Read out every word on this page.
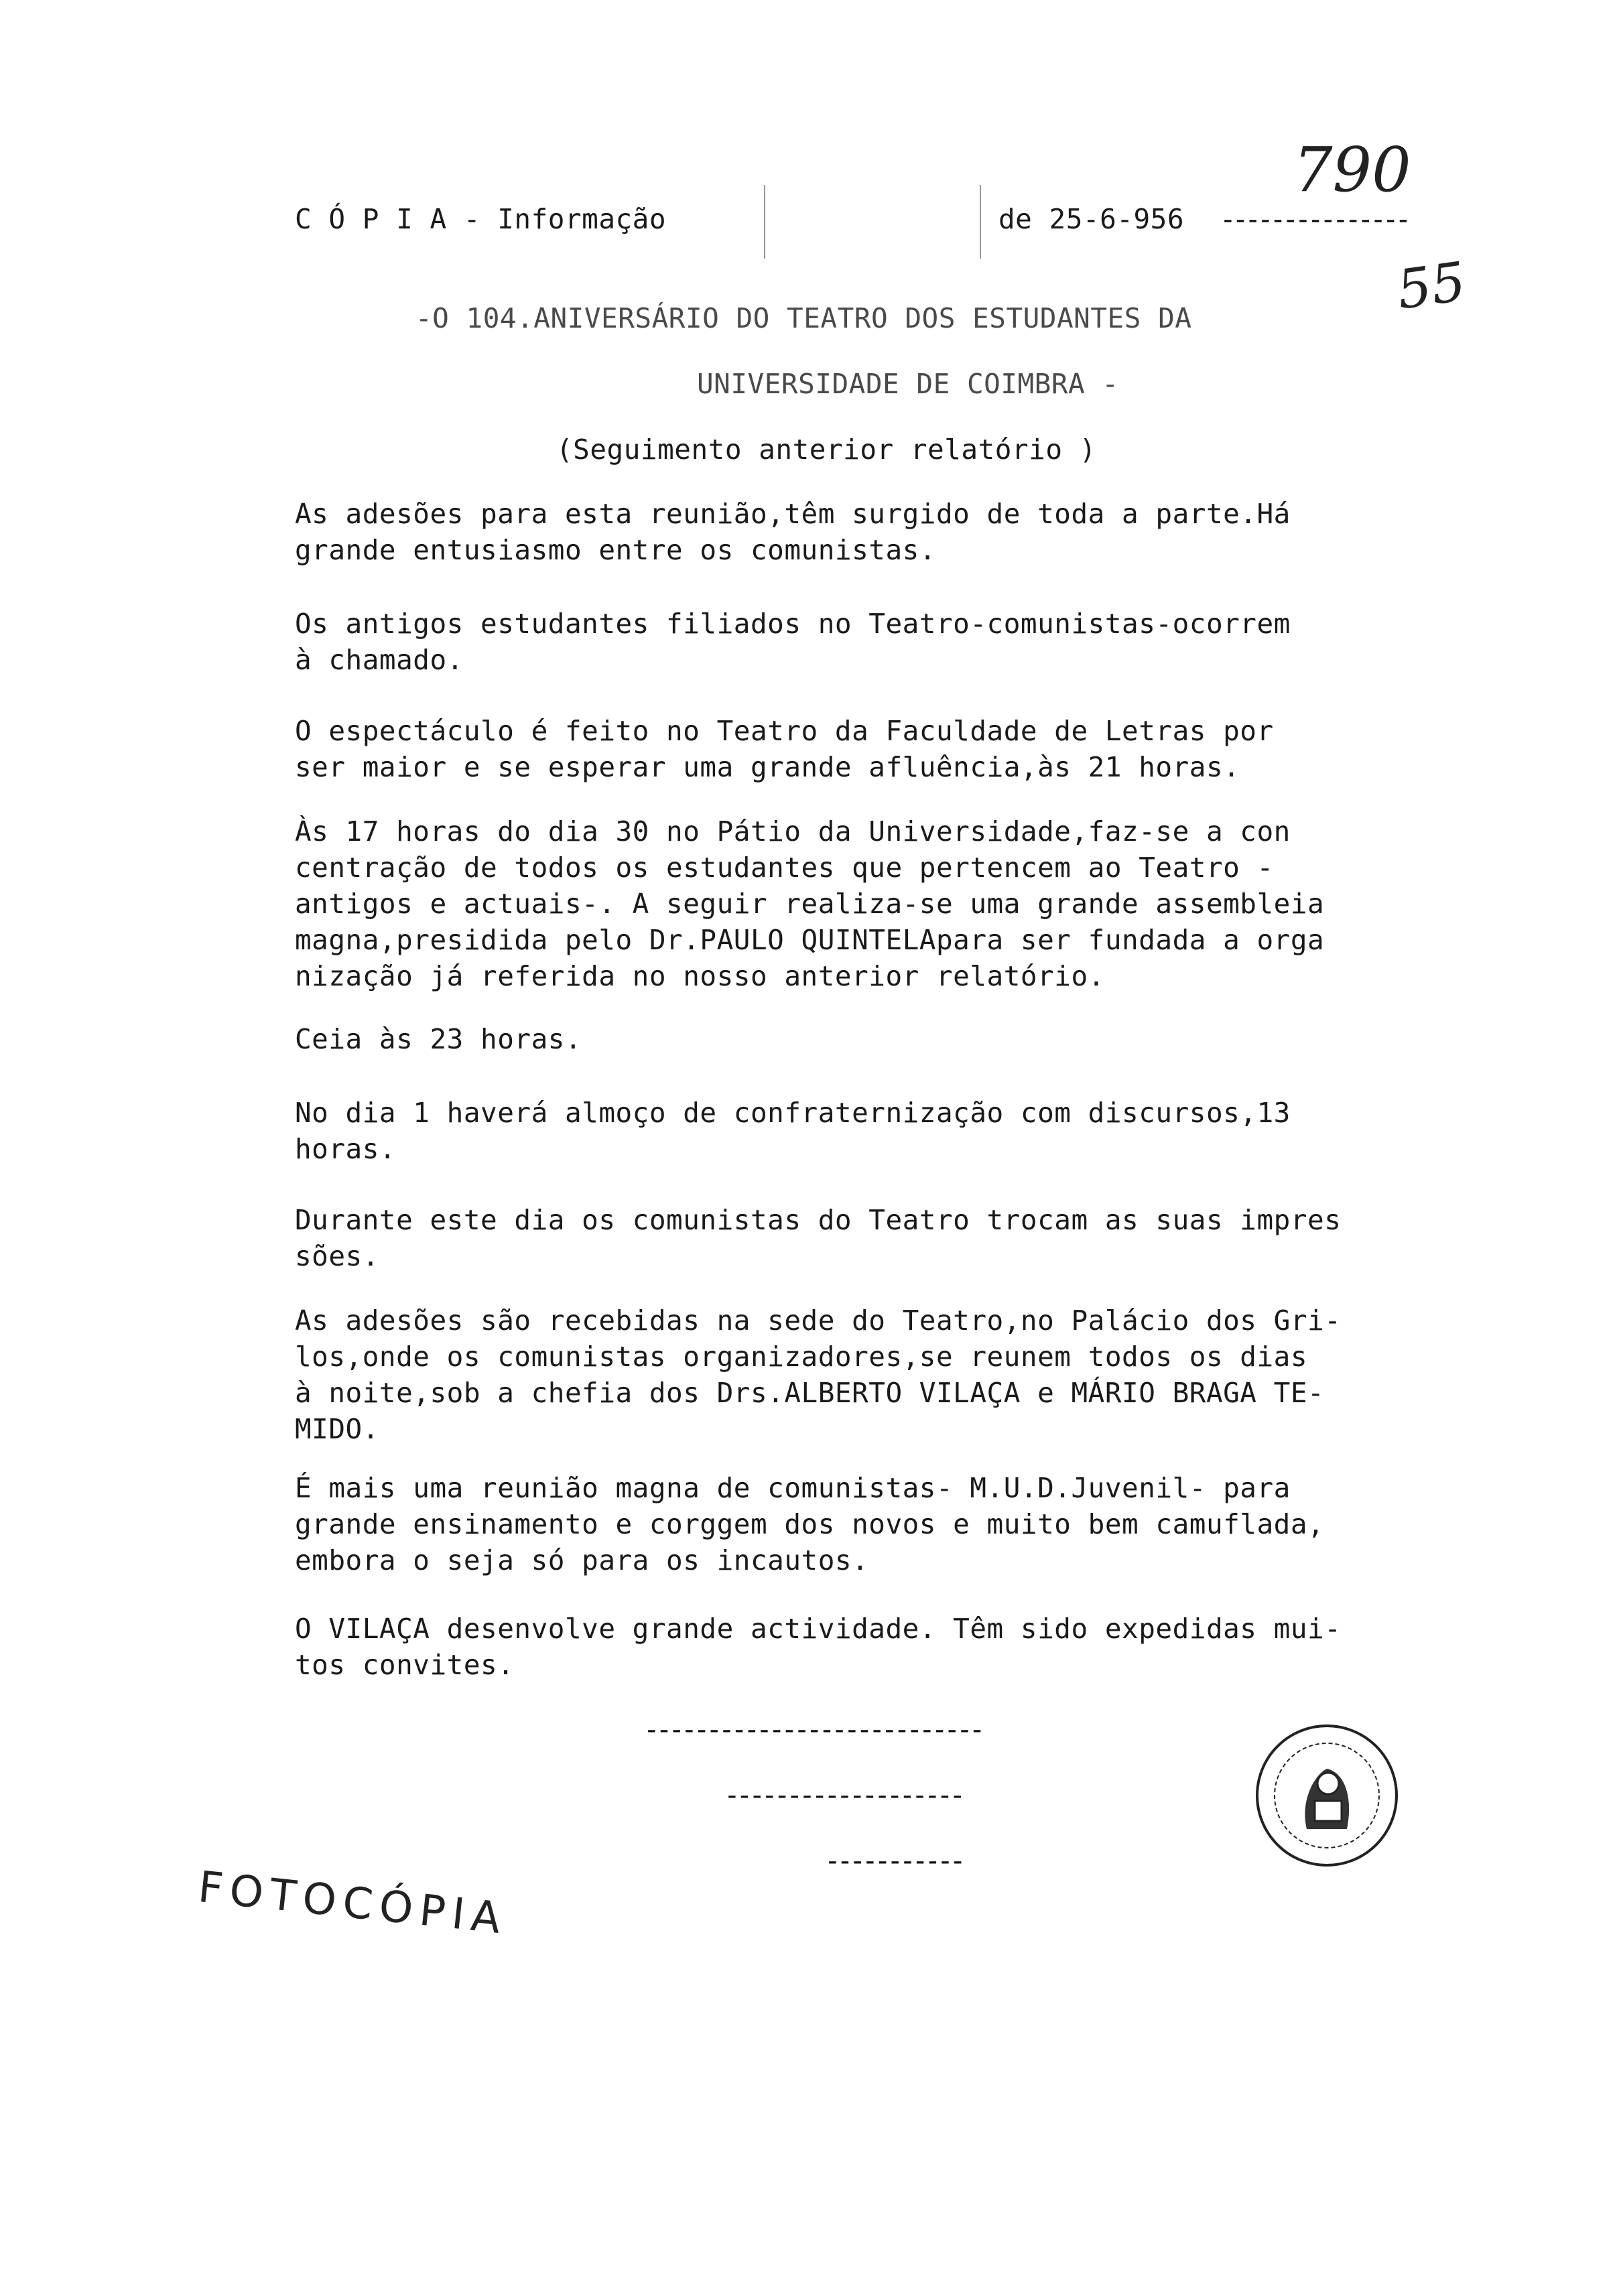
C Ó P I A - Informação	de 25-6-956 ---------------
790
55
-O 104.ANIVERSÁRIO DO TEATRO DOS ESTUDANTES DA
UNIVERSIDADE DE COIMBRA -
(Seguimento anterior relatório )
As adesões para esta reunião,têm surgido de toda a parte.Há
grande entusiasmo entre os comunistas.
Os antigos estudantes filiados no Teatro-comunistas-ocorrem
à chamado.
O espectáculo é feito no Teatro da Faculdade de Letras por
ser maior e se esperar uma grande afluência,às 21 horas.
Às 17 horas do dia 30 no Pátio da Universidade,faz-se a con
centração de todos os estudantes que pertencem ao Teatro -
antigos e actuais-. A seguir realiza-se uma grande assembleia
magna,presidida pelo Dr.PAULO QUINTELApara ser fundada a orga
nização já referida no nosso anterior relatório.
Ceia às 23 horas.
No dia 1 haverá almoço de confraternização com discursos,13
horas.
Durante este dia os comunistas do Teatro trocam as suas impres
sões.
As adesões são recebidas na sede do Teatro,no Palácio dos Gri-
los,onde os comunistas organizadores,se reunem todos os dias
à noite,sob a chefia dos Drs.ALBERTO VILAÇA e MÁRIO BRAGA TE-
MIDO.
É mais uma reunião magna de comunistas- M.U.D.Juvenil- para
grande ensinamento e corggem dos novos e muito bem camuflada,
embora o seja só para os incautos.
O VILAÇA desenvolve grande actividade. Têm sido expedidas mui-
tos convites.
---------------------------
-------------------
-----------
FOTOCÓPIA
